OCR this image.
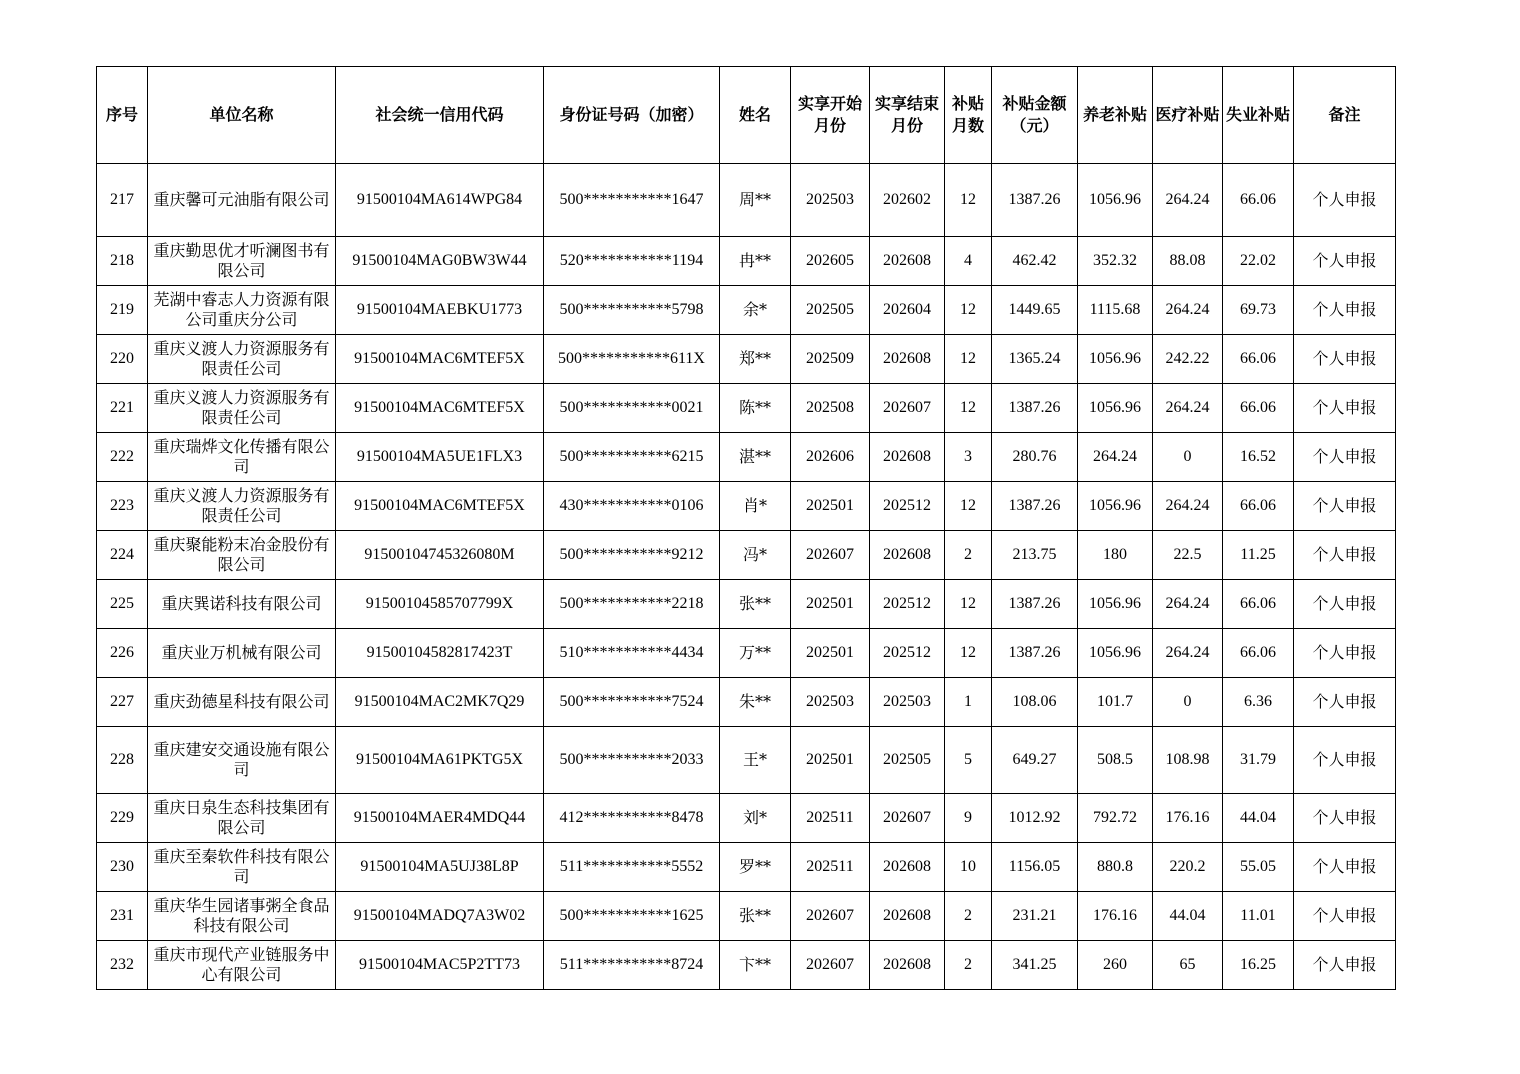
序号	单位名称	社会统一信用代码	身份证号码（加密）	姓名	实享开始月份	实享结束月份	补贴月数	补贴金额（元）	养老补贴	医疗补贴	失业补贴	备注
217	重庆馨可元油脂有限公司	91500104MA614WPG84	500***********1647	周**	202503	202602	12	1387.26	1056.96	264.24	66.06	个人申报
218	重庆勤思优才听澜图书有限公司	91500104MAG0BW3W44	520***********1194	冉**	202605	202608	4	462.42	352.32	88.08	22.02	个人申报
219	芜湖中睿志人力资源有限公司重庆分公司	91500104MAEBKU1773	500***********5798	余*	202505	202604	12	1449.65	1115.68	264.24	69.73	个人申报
220	重庆义渡人力资源服务有限责任公司	91500104MAC6MTEF5X	500***********611X	郑**	202509	202608	12	1365.24	1056.96	242.22	66.06	个人申报
221	重庆义渡人力资源服务有限责任公司	91500104MAC6MTEF5X	500***********0021	陈**	202508	202607	12	1387.26	1056.96	264.24	66.06	个人申报
222	重庆瑞烨文化传播有限公司	91500104MA5UE1FLX3	500***********6215	湛**	202606	202608	3	280.76	264.24	0	16.52	个人申报
223	重庆义渡人力资源服务有限责任公司	91500104MAC6MTEF5X	430***********0106	肖*	202501	202512	12	1387.26	1056.96	264.24	66.06	个人申报
224	重庆聚能粉末冶金股份有限公司	91500104745326080M	500***********9212	冯*	202607	202608	2	213.75	180	22.5	11.25	个人申报
225	重庆巽诺科技有限公司	91500104585707799X	500***********2218	张**	202501	202512	12	1387.26	1056.96	264.24	66.06	个人申报
226	重庆业万机械有限公司	91500104582817423T	510***********4434	万**	202501	202512	12	1387.26	1056.96	264.24	66.06	个人申报
227	重庆劲德星科技有限公司	91500104MAC2MK7Q29	500***********7524	朱**	202503	202503	1	108.06	101.7	0	6.36	个人申报
228	重庆建安交通设施有限公司	91500104MA61PKTG5X	500***********2033	王*	202501	202505	5	649.27	508.5	108.98	31.79	个人申报
229	重庆日泉生态科技集团有限公司	91500104MAER4MDQ44	412***********8478	刘*	202511	202607	9	1012.92	792.72	176.16	44.04	个人申报
230	重庆至秦软件科技有限公司	91500104MA5UJ38L8P	511***********5552	罗**	202511	202608	10	1156.05	880.8	220.2	55.05	个人申报
231	重庆华生园诸事粥全食品科技有限公司	91500104MADQ7A3W02	500***********1625	张**	202607	202608	2	231.21	176.16	44.04	11.01	个人申报
232	重庆市现代产业链服务中心有限公司	91500104MAC5P2TT73	511***********8724	卞**	202607	202608	2	341.25	260	65	16.25	个人申报
